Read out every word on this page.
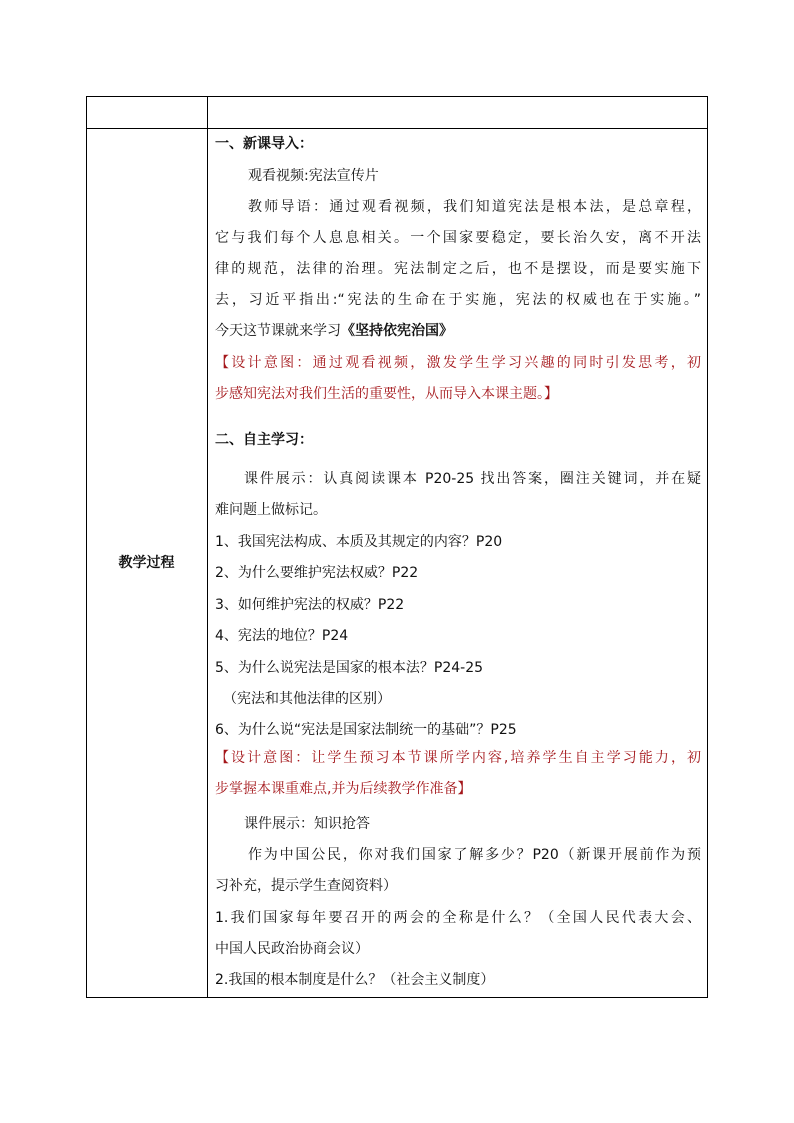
教学过程
一、新课导入：
观看视频:宪法宣传片
教师导语：通过观看视频，我们知道宪法是根本法，是总章程，
它与我们每个人息息相关。一个国家要稳定，要长治久安，离不开法
律的规范，法律的治理。宪法制定之后，也不是摆设，而是要实施下
去，习近平指出:“宪法的生命在于实施，宪法的权威也在于实施。”
今天这节课就来学习《坚持依宪治国》
【设计意图：通过观看视频，激发学生学习兴趣的同时引发思考，初
步感知宪法对我们生活的重要性，从而导入本课主题。】
二、自主学习：
课件展示：认真阅读课本 P20-25 找出答案，圈注关键词，并在疑
难问题上做标记。
1、我国宪法构成、本质及其规定的内容？P20
2、为什么要维护宪法权威？P22
3、如何维护宪法的权威？P22
4、宪法的地位？P24
5、为什么说宪法是国家的根本法？P24-25
（宪法和其他法律的区别）
6、为什么说“宪法是国家法制统一的基础”？P25
【设计意图：让学生预习本节课所学内容,培养学生自主学习能力，初
步掌握本课重难点,并为后续教学作准备】
课件展示：知识抢答
作为中国公民，你对我们国家了解多少？P20（新课开展前作为预
习补充，提示学生查阅资料）
1.我们国家每年要召开的两会的全称是什么？（全国人民代表大会、
中国人民政治协商会议）
2.我国的根本制度是什么？（社会主义制度）
